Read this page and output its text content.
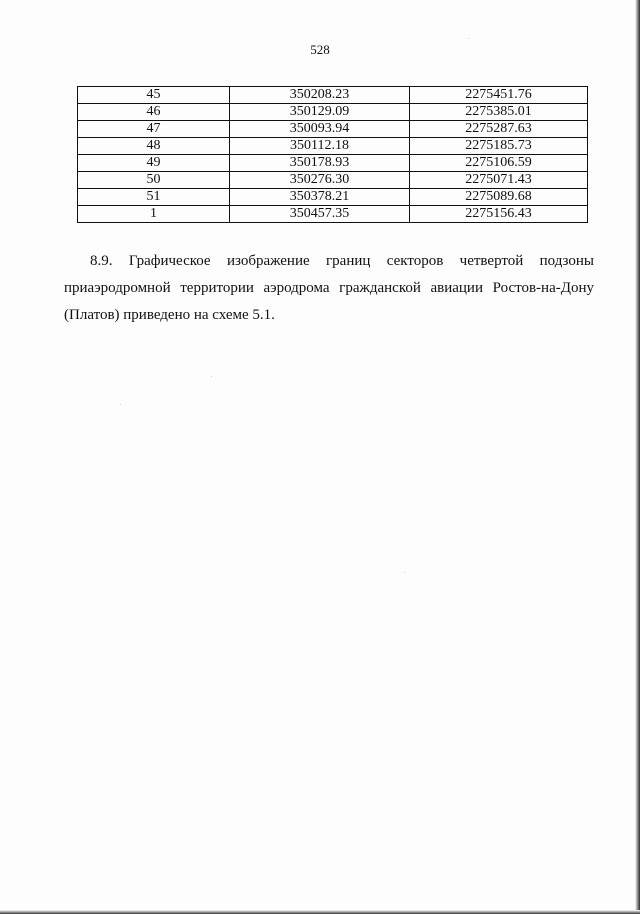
528
45	350208.23	2275451.76
46	350129.09	2275385.01
47	350093.94	2275287.63
48	350112.18	2275185.73
49	350178.93	2275106.59
50	350276.30	2275071.43
51	350378.21	2275089.68
1	350457.35	2275156.43
8.9. Графическое изображение границ секторов четвертой подзоны
приаэродромной территории аэродрома гражданской авиации Ростов-на-Дону
(Платов) приведено на схеме 5.1.
